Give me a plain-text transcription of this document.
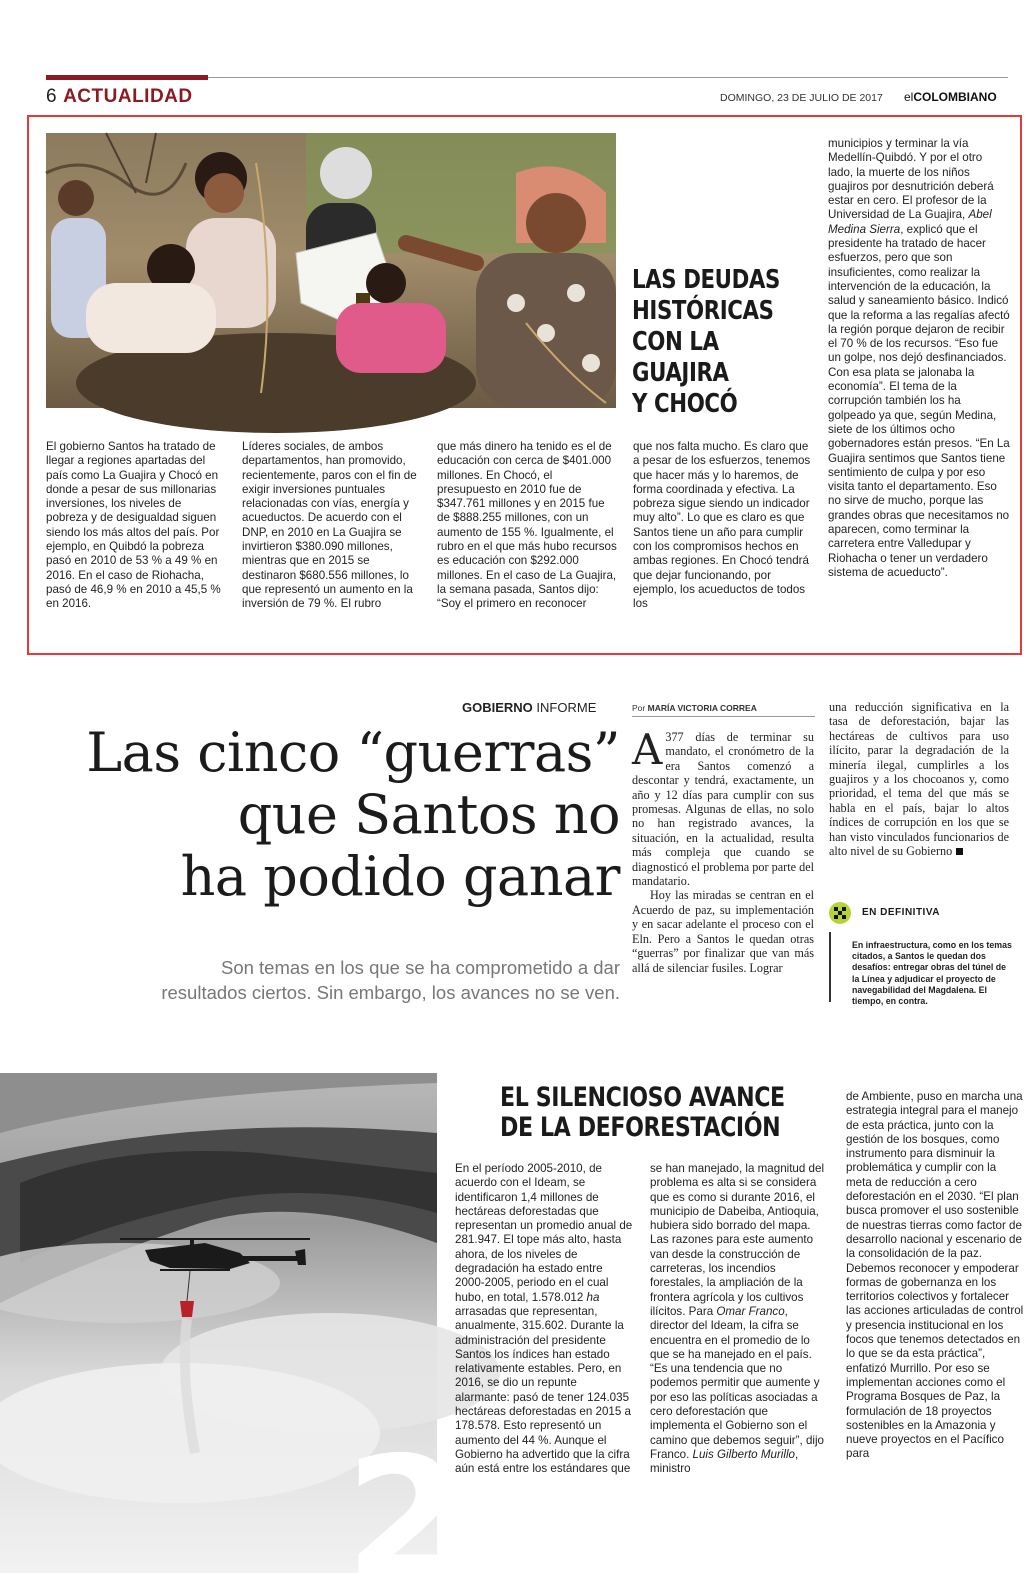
6 ACTUALIDAD	DOMINGO, 23 DE JULIO DE 2017 elCOLOMBIANO
LAS DEUDAS
HISTÓRICAS
CON LA
GUAJIRA
Y CHOCÓ

El gobierno Santos ha tratado de llegar a regiones apartadas del país como La Guajira y Chocó en donde a pesar de sus millonarias inversiones, los niveles de pobreza y de desigualdad siguen siendo los más altos del país. Por ejemplo, en Quibdó la pobreza pasó en 2010 de 53 % a 49 % en 2016. En el caso de Riohacha, pasó de 46,9 % en 2010 a 45,5 % en 2016.

Líderes sociales, de ambos departamentos, han promovido, recientemente, paros con el fin de exigir inversiones puntuales relacionadas con vías, energía y acueductos. De acuerdo con el DNP, en 2010 en La Guajira se invirtieron $380.090 millones, mientras que en 2015 se destinaron $680.556 millones, lo que representó un aumento en la inversión de 79 %. El rubro

que más dinero ha tenido es el de educación con cerca de $401.000 millones. En Chocó, el presupuesto en 2010 fue de $347.761 millones y en 2015 fue de $888.255 millones, con un aumento de 155 %. Igualmente, el rubro en el que más hubo recursos es educación con $292.000 millones. En el caso de La Guajira, la semana pasada, Santos dijo: “Soy el primero en reconocer

que nos falta mucho. Es claro que a pesar de los esfuerzos, tenemos que hacer más y lo haremos, de forma coordinada y efectiva. La pobreza sigue siendo un indicador muy alto”. Lo que es claro es que Santos tiene un año para cumplir con los compromisos hechos en ambas regiones. En Chocó tendrá que dejar funcionando, por ejemplo, los acueductos de todos los

municipios y terminar la vía Medellín-Quibdó. Y por el otro lado, la muerte de los niños guajiros por desnutrición deberá estar en cero. El profesor de la Universidad de La Guajira, Abel Medina Sierra, explicó que el presidente ha tratado de hacer esfuerzos, pero que son insuficientes, como realizar la intervención de la educación, la salud y saneamiento básico. Indicó que la reforma a las regalías afectó la región porque dejaron de recibir el 70 % de los recursos. “Eso fue un golpe, nos dejó desfinanciados. Con esa plata se jalonaba la economía”. El tema de la corrupción también los ha golpeado ya que, según Medina, siete de los últimos ocho gobernadores están presos. “En La Guajira sentimos que Santos tiene sentimiento de culpa y por eso visita tanto el departamento. Eso no sirve de mucho, porque las grandes obras que necesitamos no aparecen, como terminar la carretera entre Valledupar y Riohacha o tener un verdadero sistema de acueducto”.

GOBIERNO INFORME	Por MARÍA VICTORIA CORREA
Las cinco “guerras”
que Santos no
ha podido ganar
Son temas en los que se ha comprometido a dar
resultados ciertos. Sin embargo, los avances no se ven.

A 377 días de terminar su mandato, el cronómetro de la era Santos comenzó a descontar y tendrá, exactamente, un año y 12 días para cumplir con sus promesas. Algunas de ellas, no solo no han registrado avances, la situación, en la actualidad, resulta más compleja que cuando se diagnosticó el problema por parte del mandatario.

Hoy las miradas se centran en el Acuerdo de paz, su implementación y en sacar adelante el proceso con el Eln. Pero a Santos le quedan otras “guerras” por finalizar que van más allá de silenciar fusiles. Lograr

una reducción significativa en la tasa de deforestación, bajar las hectáreas de cultivos para uso ilícito, parar la degradación de la minería ilegal, cumplirles a los guajiros y a los chocoanos y, como prioridad, el tema del que más se habla en el país, bajar lo altos índices de corrupción en los que se han visto vinculados funcionarios de alto nivel de su Gobierno

EN DEFINITIVA
En infraestructura, como en los temas citados, a Santos le quedan dos desafíos: entregar obras del túnel de la Línea y adjudicar el proyecto de navegabilidad del Magdalena. El tiempo, en contra.
2
EL SILENCIOSO AVANCE
DE LA DEFORESTACIÓN

En el período 2005-2010, de acuerdo con el Ideam, se identificaron 1,4 millones de hectáreas deforestadas que representan un promedio anual de 281.947. El tope más alto, hasta ahora, de los niveles de degradación ha estado entre 2000-2005, periodo en el cual hubo, en total, 1.578.012 ha arrasadas que representan, anualmente, 315.602. Durante la administración del presidente Santos los índices han estado relativamente estables. Pero, en 2016, se dio un repunte alarmante: pasó de tener 124.035 hectáreas deforestadas en 2015 a 178.578. Esto representó un aumento del 44 %. Aunque el Gobierno ha advertido que la cifra aún está entre los estándares que

se han manejado, la magnitud del problema es alta si se considera que es como si durante 2016, el municipio de Dabeiba, Antioquia, hubiera sido borrado del mapa. Las razones para este aumento van desde la construcción de carreteras, los incendios forestales, la ampliación de la frontera agrícola y los cultivos ilícitos. Para Omar Franco, director del Ideam, la cifra se encuentra en el promedio de lo que se ha manejado en el país. “Es una tendencia que no podemos permitir que aumente y por eso las políticas asociadas a cero deforestación que implementa el Gobierno son el camino que debemos seguir”, dijo Franco. Luis Gilberto Murillo, ministro

de Ambiente, puso en marcha una estrategia integral para el manejo de esta práctica, junto con la gestión de los bosques, como instrumento para disminuir la problemática y cumplir con la meta de reducción a cero deforestación en el 2030. “El plan busca promover el uso sostenible de nuestras tierras como factor de desarrollo nacional y escenario de la consolidación de la paz. Debemos reconocer y empoderar formas de gobernanza en los territorios colectivos y fortalecer las acciones articuladas de control y presencia institucional en los focos que tenemos detectados en lo que se da esta práctica”, enfatizó Murrillo. Por eso se implementan acciones como el Programa Bosques de Paz, la formulación de 18 proyectos sostenibles en la Amazonia y nueve proyectos en el Pacífico para
